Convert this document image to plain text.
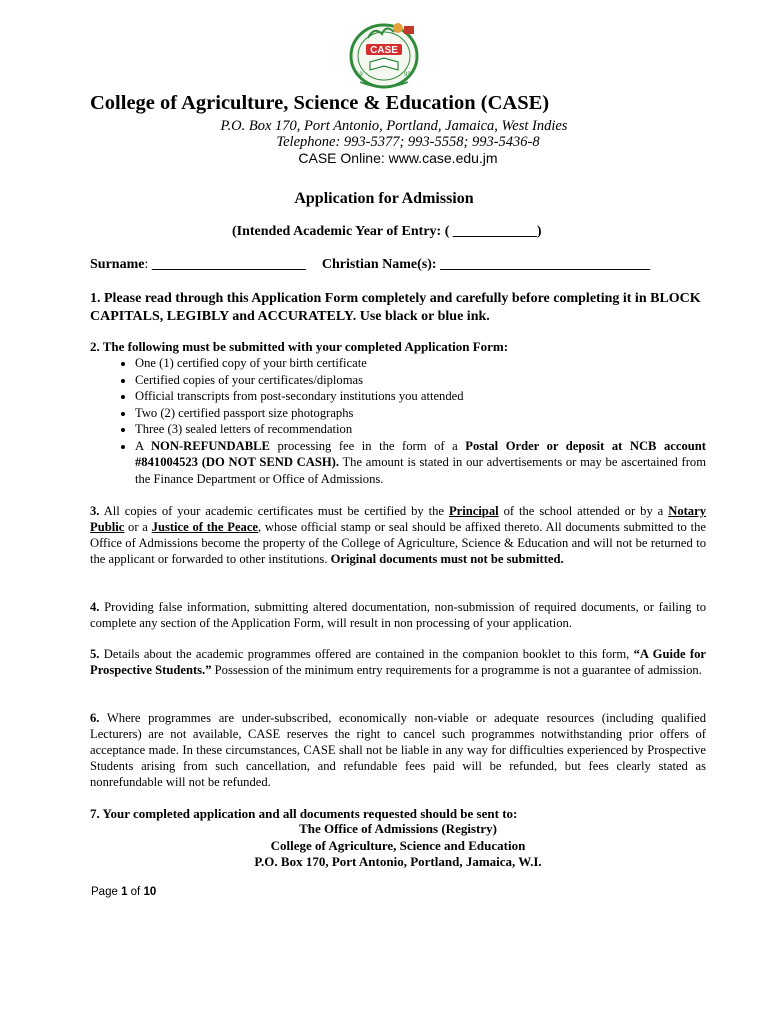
CASE
19	93
College of Agriculture, Science & Education (CASE)
P.O. Box 170, Port Antonio, Portland, Jamaica, West Indies
Telephone: 993-5377; 993-5558; 993-5436-8
CASE Online: www.case.edu.jm
Application for Admission
(Intended Academic Year of Entry: ( ____________)
Surname: ______________________ Christian Name(s): ______________________________
1. Please read through this Application Form completely and carefully before completing it in BLOCK CAPITALS, LEGIBLY and ACCURATELY. Use black or blue ink.
2. The following must be submitted with your completed Application Form:
• One (1) certified copy of your birth certificate
• Certified copies of your certificates/diplomas
• Official transcripts from post-secondary institutions you attended
• Two (2) certified passport size photographs
• Three (3) sealed letters of recommendation
• A NON-REFUNDABLE processing fee in the form of a Postal Order or deposit at NCB account #841004523 (DO NOT SEND CASH). The amount is stated in our advertisements or may be ascertained from the Finance Department or Office of Admissions.
3. All copies of your academic certificates must be certified by the Principal of the school attended or by a Notary Public or a Justice of the Peace, whose official stamp or seal should be affixed thereto. All documents submitted to the Office of Admissions become the property of the College of Agriculture, Science & Education and will not be returned to the applicant or forwarded to other institutions. Original documents must not be submitted.
4. Providing false information, submitting altered documentation, non-submission of required documents, or failing to complete any section of the Application Form, will result in non processing of your application.
5. Details about the academic programmes offered are contained in the companion booklet to this form, “A Guide for Prospective Students.” Possession of the minimum entry requirements for a programme is not a guarantee of admission.
6. Where programmes are under-subscribed, economically non-viable or adequate resources (including qualified Lecturers) are not available, CASE reserves the right to cancel such programmes notwithstanding prior offers of acceptance made. In these circumstances, CASE shall not be liable in any way for difficulties experienced by Prospective Students arising from such cancellation, and refundable fees paid will be refunded, but fees clearly stated as nonrefundable will not be refunded.
7. Your completed application and all documents requested should be sent to:
The Office of Admissions (Registry)
College of Agriculture, Science and Education
P.O. Box 170, Port Antonio, Portland, Jamaica, W.I.
Page 1 of 10
